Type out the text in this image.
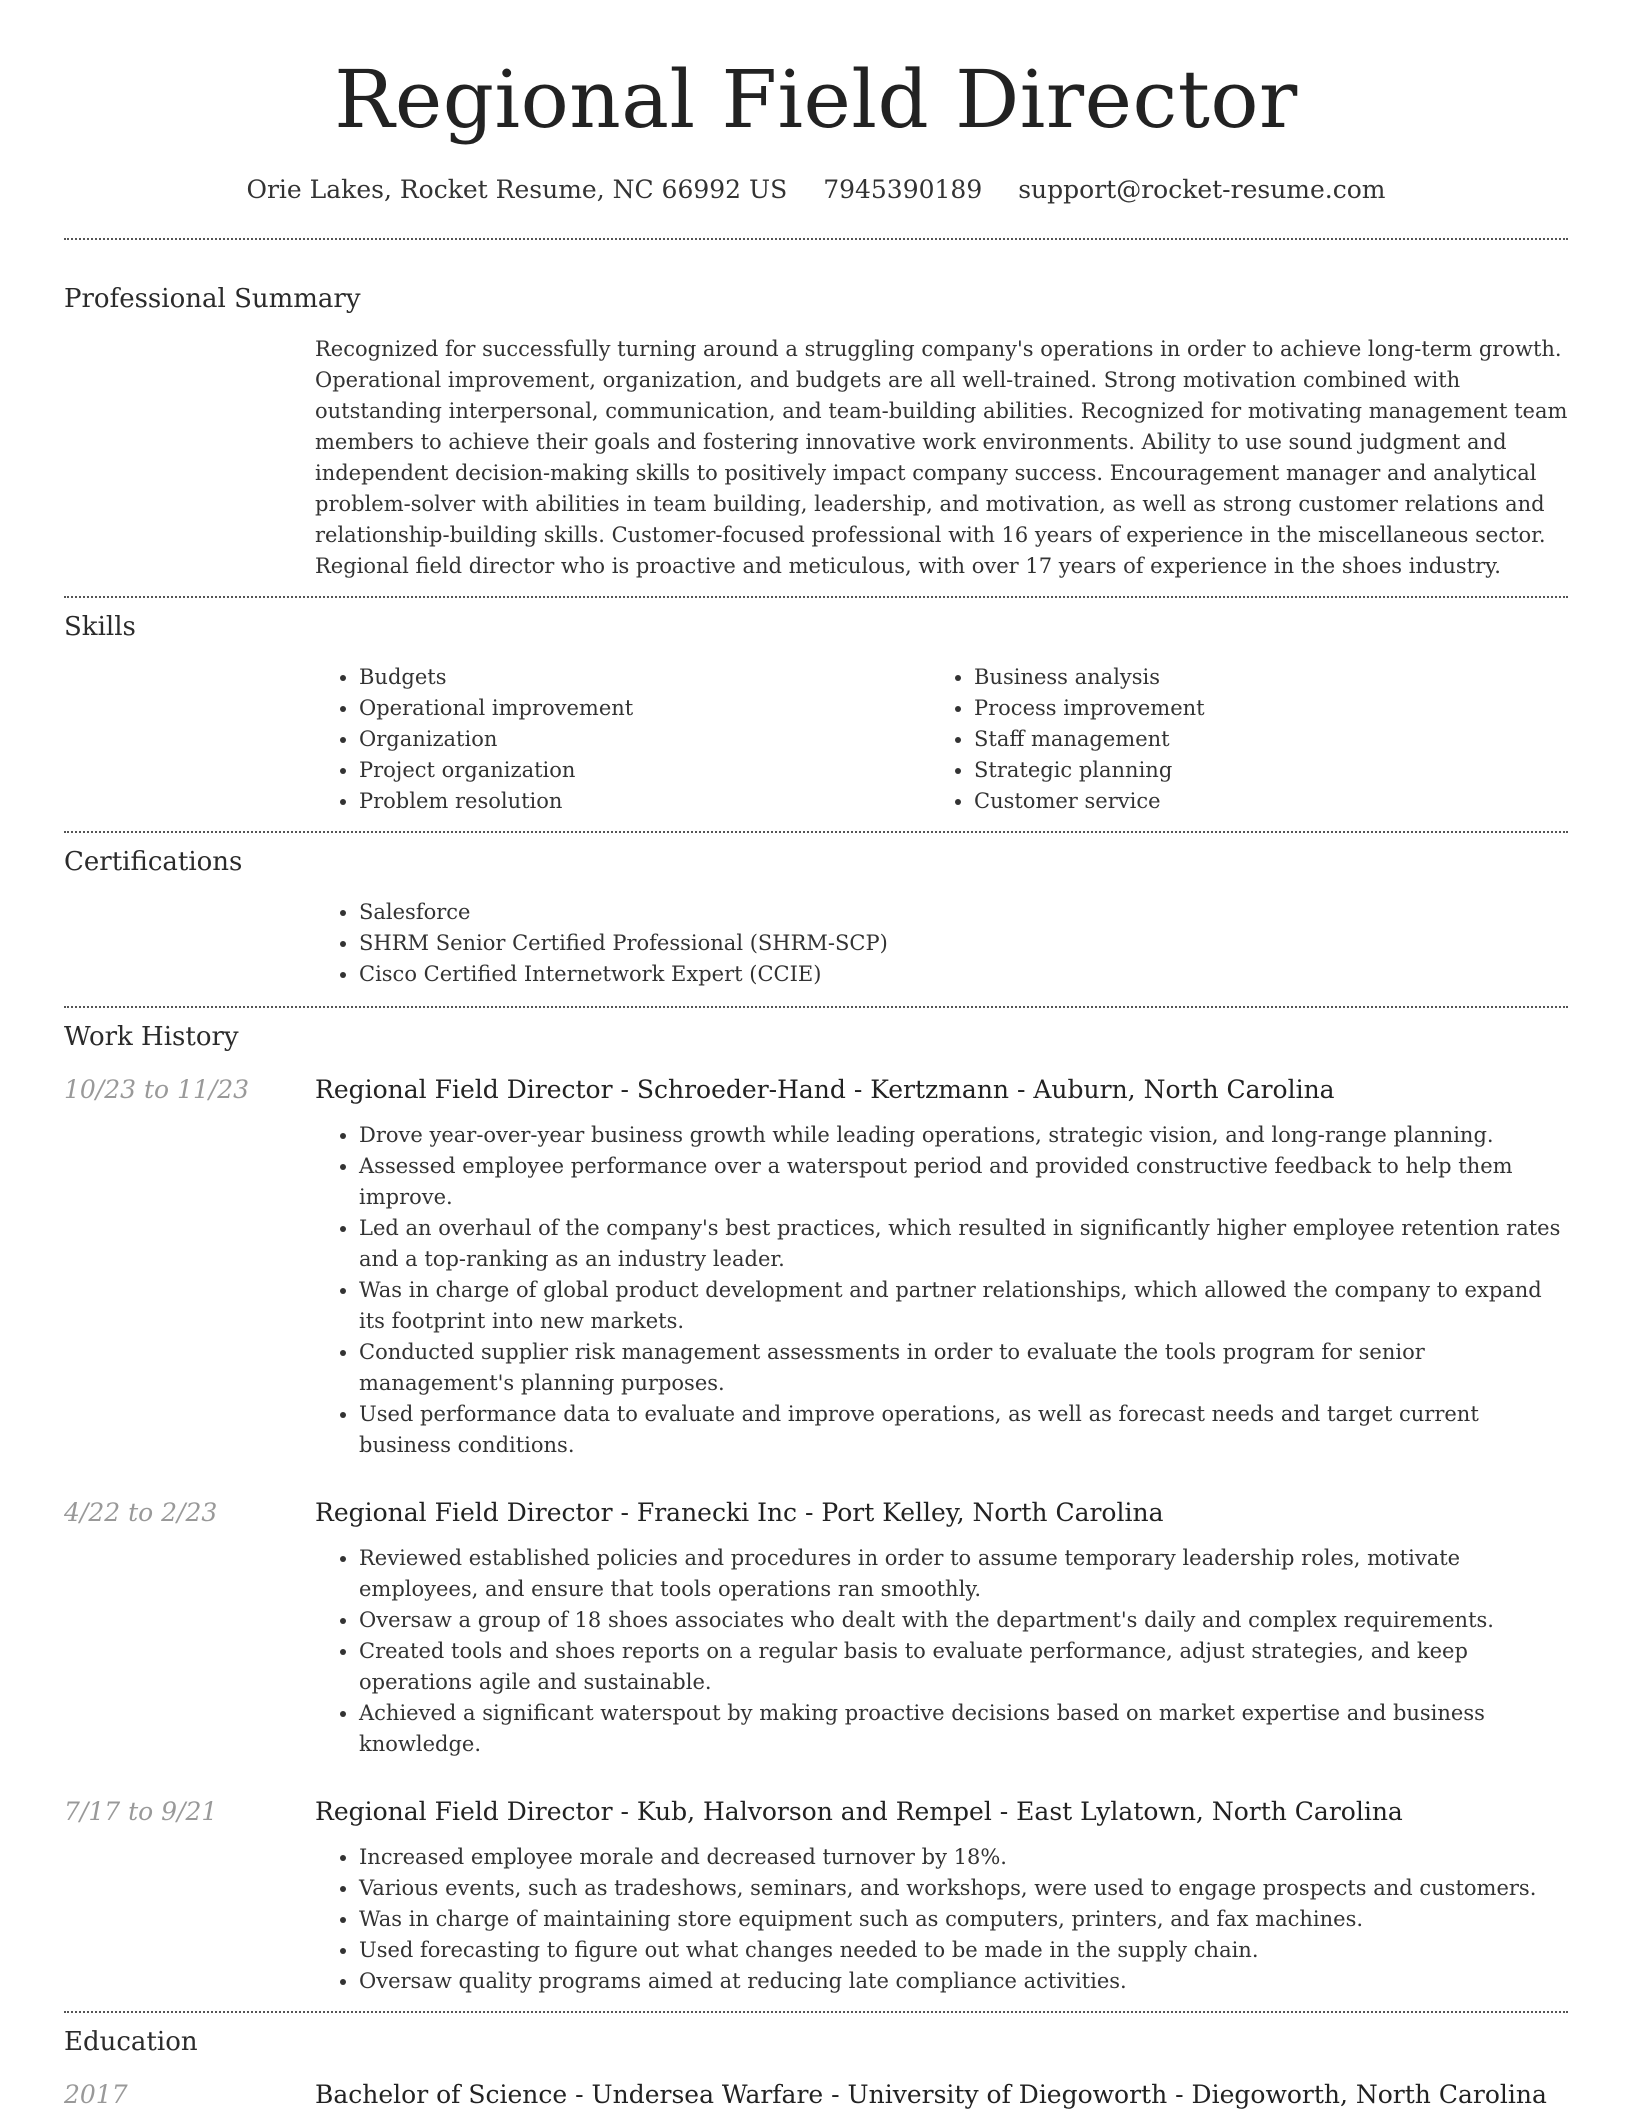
Regional Field Director
Orie Lakes, Rocket Resume, NC 66992 US 7945390189 support@rocket-resume.com
Professional Summary

Recognized for successfully turning around a struggling company's operations in order to achieve long-term growth. Operational improvement, organization, and budgets are all well-trained. Strong motivation combined with outstanding interpersonal, communication, and team-building abilities. Recognized for motivating management team members to achieve their goals and fostering innovative work environments. Ability to use sound judgment and independent decision-making skills to positively impact company success. Encouragement manager and analytical problem-solver with abilities in team building, leadership, and motivation, as well as strong customer relations and relationship-building skills. Customer-focused professional with 16 years of experience in the miscellaneous sector. Regional field director who is proactive and meticulous, with over 17 years of experience in the shoes industry.

Skills
• Budgets
• Operational improvement
• Organization
• Project organization
• Problem resolution
• Business analysis
• Process improvement
• Staff management
• Strategic planning
• Customer service
Certifications
• Salesforce
• SHRM Senior Certified Professional (SHRM-SCP)
• Cisco Certified Internetwork Expert (CCIE)
Work History
10/23 to 11/23	Regional Field Director - Schroeder-Hand - Kertzmann - Auburn, North Carolina
• Drove year-over-year business growth while leading operations, strategic vision, and long-range planning.
• Assessed employee performance over a waterspout period and provided constructive feedback to help them improve.
• Led an overhaul of the company's best practices, which resulted in significantly higher employee retention rates and a top-ranking as an industry leader.
• Was in charge of global product development and partner relationships, which allowed the company to expand its footprint into new markets.
• Conducted supplier risk management assessments in order to evaluate the tools program for senior management's planning purposes.
• Used performance data to evaluate and improve operations, as well as forecast needs and target current business conditions.
4/22 to 2/23	Regional Field Director - Franecki Inc - Port Kelley, North Carolina
• Reviewed established policies and procedures in order to assume temporary leadership roles, motivate employees, and ensure that tools operations ran smoothly.
• Oversaw a group of 18 shoes associates who dealt with the department's daily and complex requirements.
• Created tools and shoes reports on a regular basis to evaluate performance, adjust strategies, and keep operations agile and sustainable.
• Achieved a significant waterspout by making proactive decisions based on market expertise and business knowledge.
7/17 to 9/21	Regional Field Director - Kub, Halvorson and Rempel - East Lylatown, North Carolina
• Increased employee morale and decreased turnover by 18%.
• Various events, such as tradeshows, seminars, and workshops, were used to engage prospects and customers.
• Was in charge of maintaining store equipment such as computers, printers, and fax machines.
• Used forecasting to figure out what changes needed to be made in the supply chain.
• Oversaw quality programs aimed at reducing late compliance activities.
Education
2017	Bachelor of Science - Undersea Warfare - University of Diegoworth - Diegoworth, North Carolina
